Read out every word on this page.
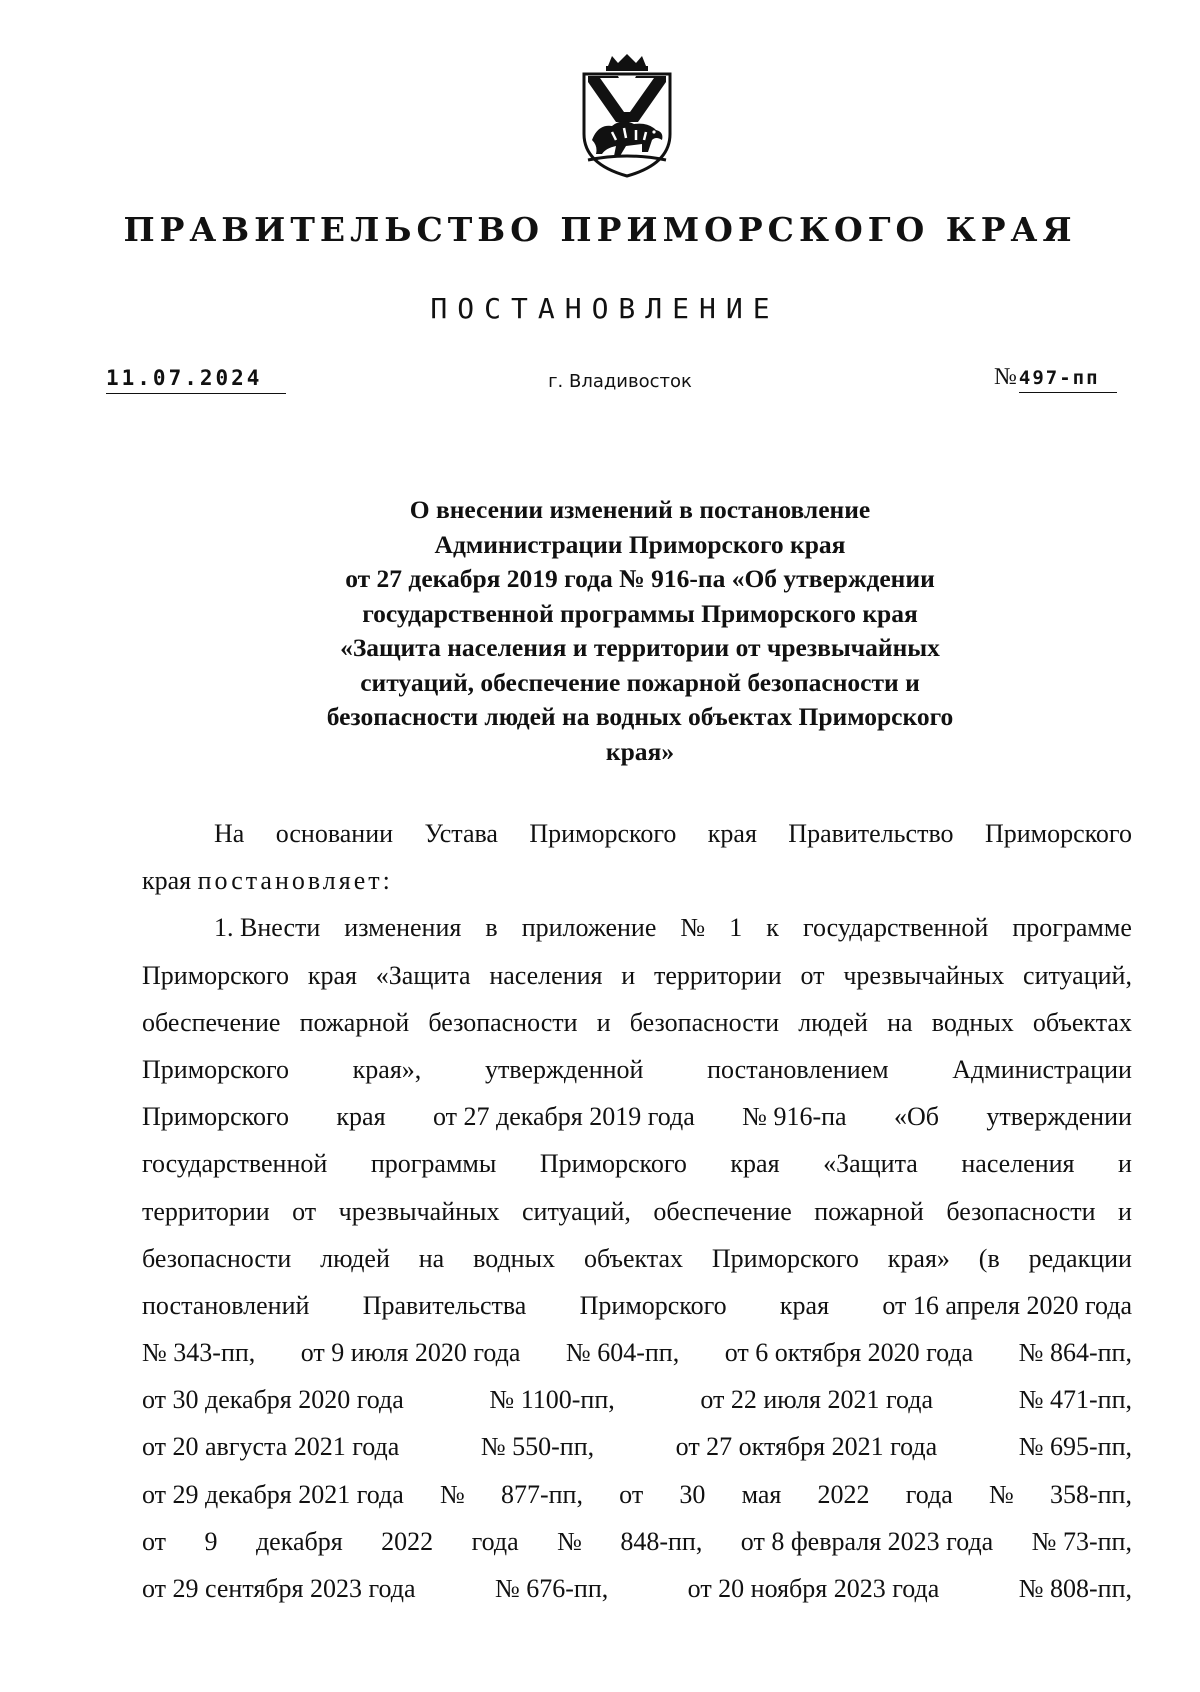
ПРАВИТЕЛЬСТВО ПРИМОРСКОГО КРАЯ
ПОСТАНОВЛЕНИЕ
11.07.2024	г. Владивосток	№ 497-пп
О внесении изменений в постановление
Администрации Приморского края
от 27 декабря 2019 года № 916-па «Об утверждении
государственной программы Приморского края
«Защита населения и территории от чрезвычайных
ситуаций, обеспечение пожарной безопасности и
безопасности людей на водных объектах Приморского
края»
На основании Устава Приморского края Правительство Приморского
края постановляет:
1. Внести изменения в приложение № 1 к государственной программе
Приморского края «Защита населения и территории от чрезвычайных ситуаций,
обеспечение пожарной безопасности и безопасности людей на водных объектах
Приморского края», утвержденной постановлением Администрации
Приморского края от 27 декабря 2019 года № 916-па «Об утверждении
государственной программы Приморского края «Защита населения и
территории от чрезвычайных ситуаций, обеспечение пожарной безопасности и
безопасности людей на водных объектах Приморского края» (в редакции
постановлений Правительства Приморского края от 16 апреля 2020 года
№ 343-пп, от 9 июля 2020 года № 604-пп, от 6 октября 2020 года № 864-пп,
от 30 декабря 2020 года	№ 1100-пп,	от 22 июля 2021 года	№ 471-пп,
от 20 августа 2021 года	№ 550-пп,	от 27 октября 2021 года	№ 695-пп,
от 29 декабря 2021 года № 877-пп, от 30 мая 2022 года № 358-пп,
от 9 декабря 2022 года № 848-пп, от 8 февраля 2023 года № 73-пп,
от 29 сентября 2023 года	№ 676-пп,	от 20 ноября 2023 года	№ 808-пп,
